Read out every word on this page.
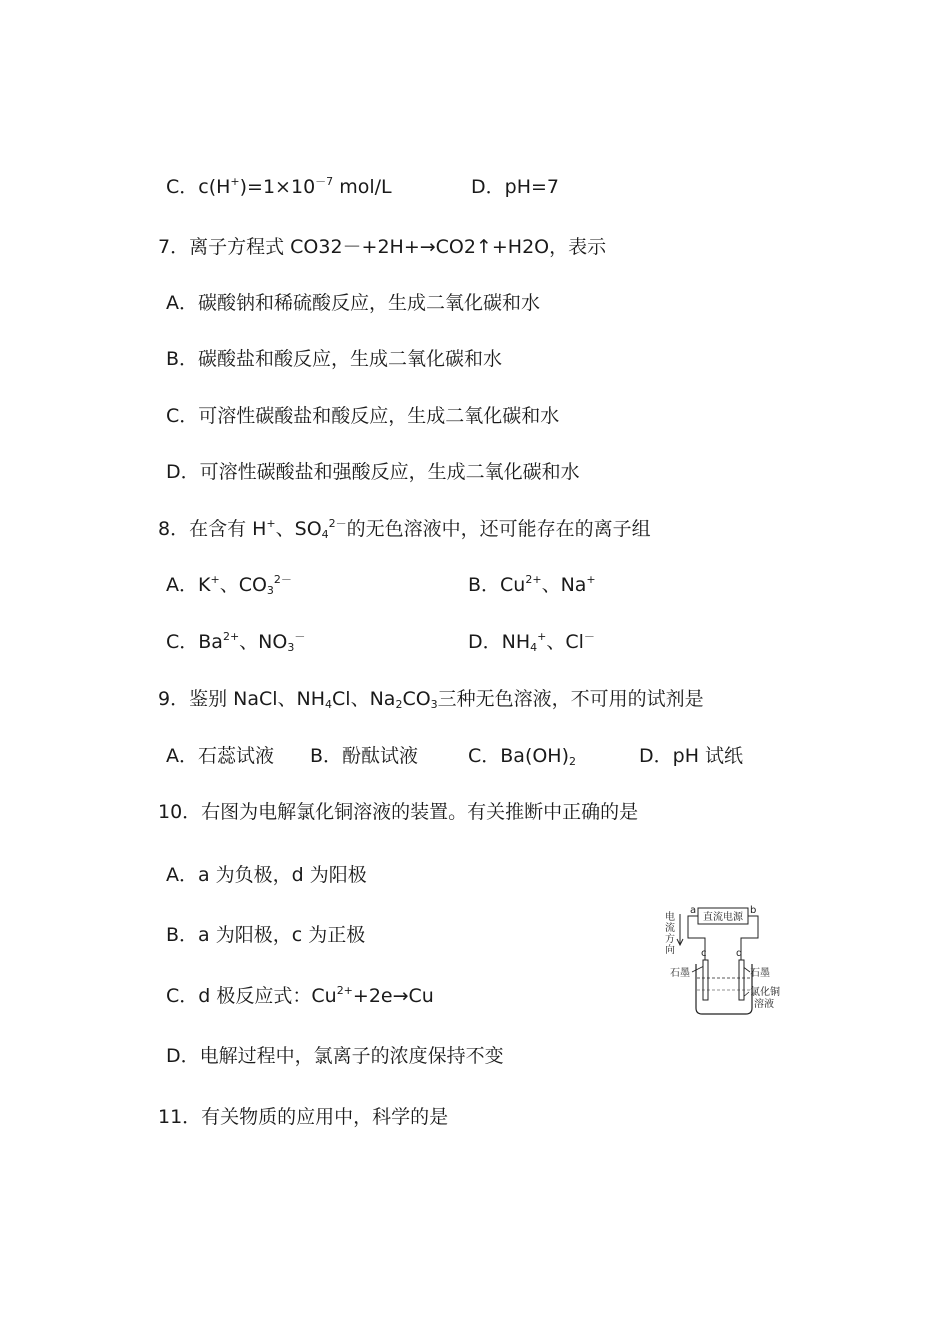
C．$c(H^+)=1\times 10^{-7}$ mol/L	D．pH=7
7．离子方程式 CO32－+2H+→CO2↑+H2O，表示
A．碳酸钠和稀硫酸反应，生成二氧化碳和水
B．碳酸盐和酸反应，生成二氧化碳和水
C．可溶性碳酸盐和酸反应，生成二氧化碳和水
D．可溶性碳酸盐和强酸反应，生成二氧化碳和水
8．在含有 H+、$SO_4^{2-}$的无色溶液中，还可能存在的离子组
A．K+、$CO_3^{2-}$	B．$Cu^{2+}$、Na+
C．$Ba^{2+}$、$NO_3^-$	D．$NH_4^+$、Cl－
9．鉴别 NaCl、$NH_4Cl$、$Na_2CO_3$三种无色溶液，不可用的试剂是
A．石蕊试液 B．酚酞试液	C．$Ba(OH)_2$	D．pH 试纸
10．右图为电解氯化铜溶液的装置。有关推断中正确的是
A．a 为负极，d 为阳极
B．a 为阳极，c 为正极
C．d 极反应式：$Cu^{2+}+2e\to Cu$
D．电解过程中，氯离子的浓度保持不变
11．有关物质的应用中，科学的是
电
流
方
向
a	b
直流电源
c	d
石墨	石墨
氯化铜
溶液
